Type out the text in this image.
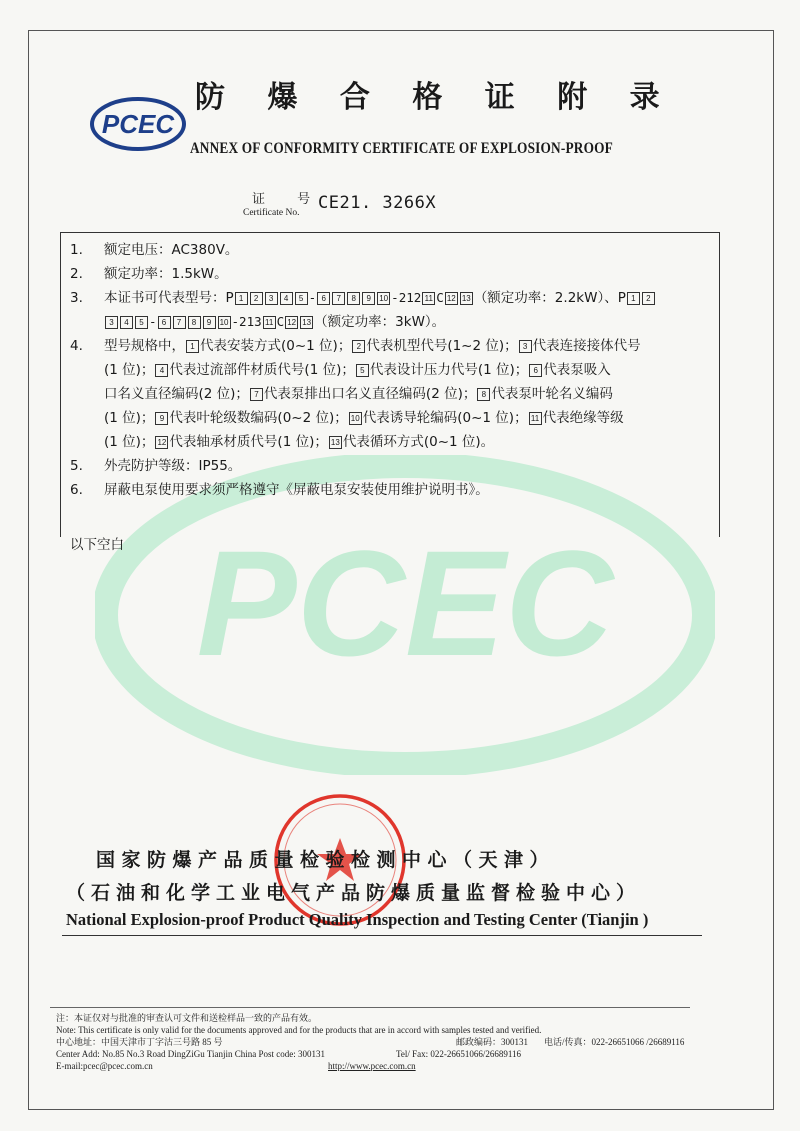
PCEC
PCEC
防 爆 合 格 证 附 录
ANNEX OF CONFORMITY CERTIFICATE OF EXPLOSION-PROOF
证 号
Certificate No. CE21. 3266X
1.	额定电压：AC380V。
2.	额定功率：1.5kW。
3.	本证书可代表型号：P 1 2 3 4 5 - 6 7 8 9 10 -212 11 C 12 13 （额定功率：2.2kW）、P 1 2
3 4 5 - 6 7 8 9 10 -213 11 C 12 13 （额定功率：3kW）。
4.	型号规格中， 1 代表安装方式(0~1 位)； 2 代表机型代号(1~2 位)； 3 代表连接接体代号
(1 位)； 4 代表过流部件材质代号(1 位)； 5 代表设计压力代号(1 位)； 6 代表泵吸入
口名义直径编码(2 位)； 7 代表泵排出口名义直径编码(2 位)； 8 代表泵叶轮名义编码
(1 位)； 9 代表叶轮级数编码(0~2 位)； 10 代表诱导轮编码(0~1 位)； 11 代表绝缘等级
(1 位)； 12 代表轴承材质代号(1 位)； 13 代表循环方式(0~1 位)。
5.	外壳防护等级：IP55。
6.	屏蔽电泵使用要求须严格遵守《屏蔽电泵安装使用维护说明书》。
以下空白
国家防爆产品质量检验检测中心（天津）
（石油和化学工业电气产品防爆质量监督检验中心）
National Explosion-proof Product Quality Inspection and Testing Center (Tianjin )
注：本证仅对与批准的审查认可文件和送检样品一致的产品有效。
Note: This certificate is only valid for the documents approved and for the products that are in accord with samples tested and verified.
中心地址：中国天津市丁字沽三号路 85 号	邮政编码：300131 电话/传真：022-26651066 /26689116
Center Add: No.85 No.3 Road DingZiGu Tianjin China Post code: 300131	Tel/ Fax: 022-26651066/26689116
E-mail:pcec@pcec.com.cn	http://www.pcec.com.cn
